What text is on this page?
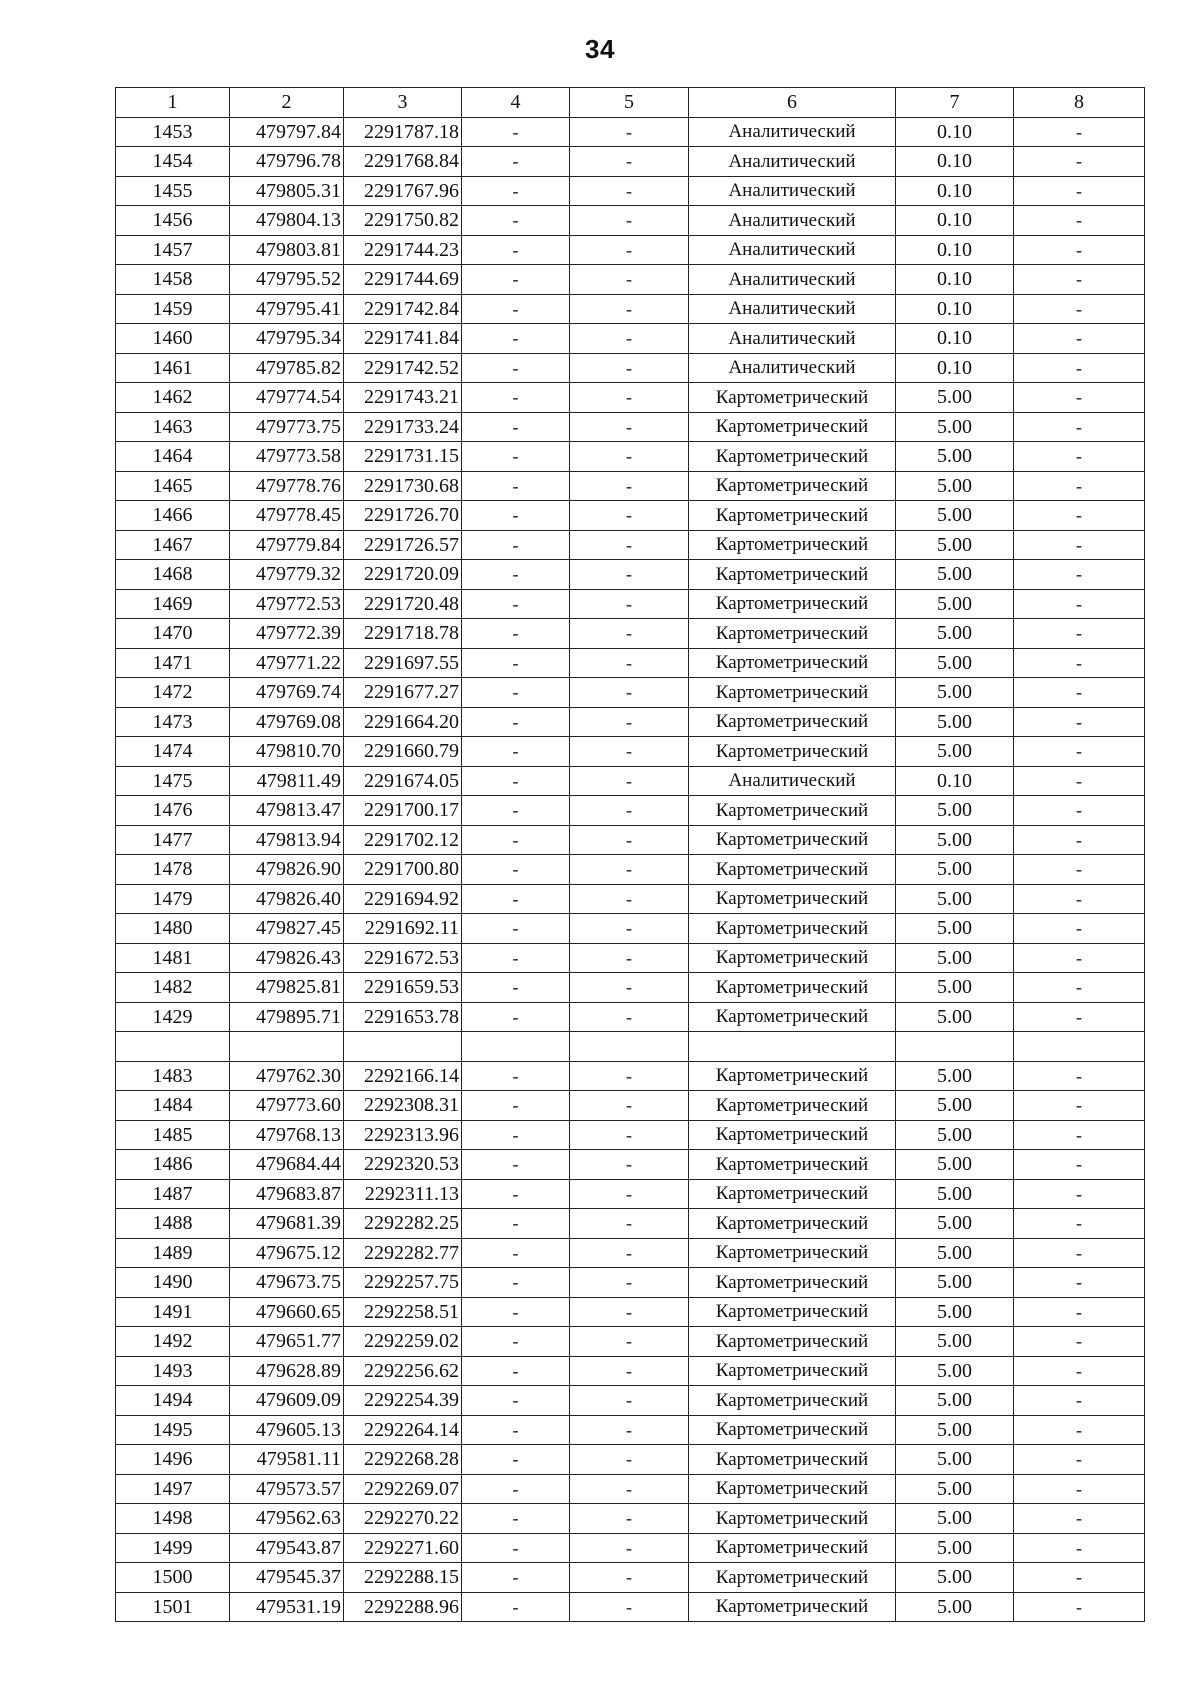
34
1	2	3	4	5	6	7	8
1453	479797.84	2291787.18	-	-	Аналитический	0.10	-
1454	479796.78	2291768.84	-	-	Аналитический	0.10	-
1455	479805.31	2291767.96	-	-	Аналитический	0.10	-
1456	479804.13	2291750.82	-	-	Аналитический	0.10	-
1457	479803.81	2291744.23	-	-	Аналитический	0.10	-
1458	479795.52	2291744.69	-	-	Аналитический	0.10	-
1459	479795.41	2291742.84	-	-	Аналитический	0.10	-
1460	479795.34	2291741.84	-	-	Аналитический	0.10	-
1461	479785.82	2291742.52	-	-	Аналитический	0.10	-
1462	479774.54	2291743.21	-	-	Картометрический	5.00	-
1463	479773.75	2291733.24	-	-	Картометрический	5.00	-
1464	479773.58	2291731.15	-	-	Картометрический	5.00	-
1465	479778.76	2291730.68	-	-	Картометрический	5.00	-
1466	479778.45	2291726.70	-	-	Картометрический	5.00	-
1467	479779.84	2291726.57	-	-	Картометрический	5.00	-
1468	479779.32	2291720.09	-	-	Картометрический	5.00	-
1469	479772.53	2291720.48	-	-	Картометрический	5.00	-
1470	479772.39	2291718.78	-	-	Картометрический	5.00	-
1471	479771.22	2291697.55	-	-	Картометрический	5.00	-
1472	479769.74	2291677.27	-	-	Картометрический	5.00	-
1473	479769.08	2291664.20	-	-	Картометрический	5.00	-
1474	479810.70	2291660.79	-	-	Картометрический	5.00	-
1475	479811.49	2291674.05	-	-	Аналитический	0.10	-
1476	479813.47	2291700.17	-	-	Картометрический	5.00	-
1477	479813.94	2291702.12	-	-	Картометрический	5.00	-
1478	479826.90	2291700.80	-	-	Картометрический	5.00	-
1479	479826.40	2291694.92	-	-	Картометрический	5.00	-
1480	479827.45	2291692.11	-	-	Картометрический	5.00	-
1481	479826.43	2291672.53	-	-	Картометрический	5.00	-
1482	479825.81	2291659.53	-	-	Картометрический	5.00	-
1429	479895.71	2291653.78	-	-	Картометрический	5.00	-

1483	479762.30	2292166.14	-	-	Картометрический	5.00	-
1484	479773.60	2292308.31	-	-	Картометрический	5.00	-
1485	479768.13	2292313.96	-	-	Картометрический	5.00	-
1486	479684.44	2292320.53	-	-	Картометрический	5.00	-
1487	479683.87	2292311.13	-	-	Картометрический	5.00	-
1488	479681.39	2292282.25	-	-	Картометрический	5.00	-
1489	479675.12	2292282.77	-	-	Картометрический	5.00	-
1490	479673.75	2292257.75	-	-	Картометрический	5.00	-
1491	479660.65	2292258.51	-	-	Картометрический	5.00	-
1492	479651.77	2292259.02	-	-	Картометрический	5.00	-
1493	479628.89	2292256.62	-	-	Картометрический	5.00	-
1494	479609.09	2292254.39	-	-	Картометрический	5.00	-
1495	479605.13	2292264.14	-	-	Картометрический	5.00	-
1496	479581.11	2292268.28	-	-	Картометрический	5.00	-
1497	479573.57	2292269.07	-	-	Картометрический	5.00	-
1498	479562.63	2292270.22	-	-	Картометрический	5.00	-
1499	479543.87	2292271.60	-	-	Картометрический	5.00	-
1500	479545.37	2292288.15	-	-	Картометрический	5.00	-
1501	479531.19	2292288.96	-	-	Картометрический	5.00	-
